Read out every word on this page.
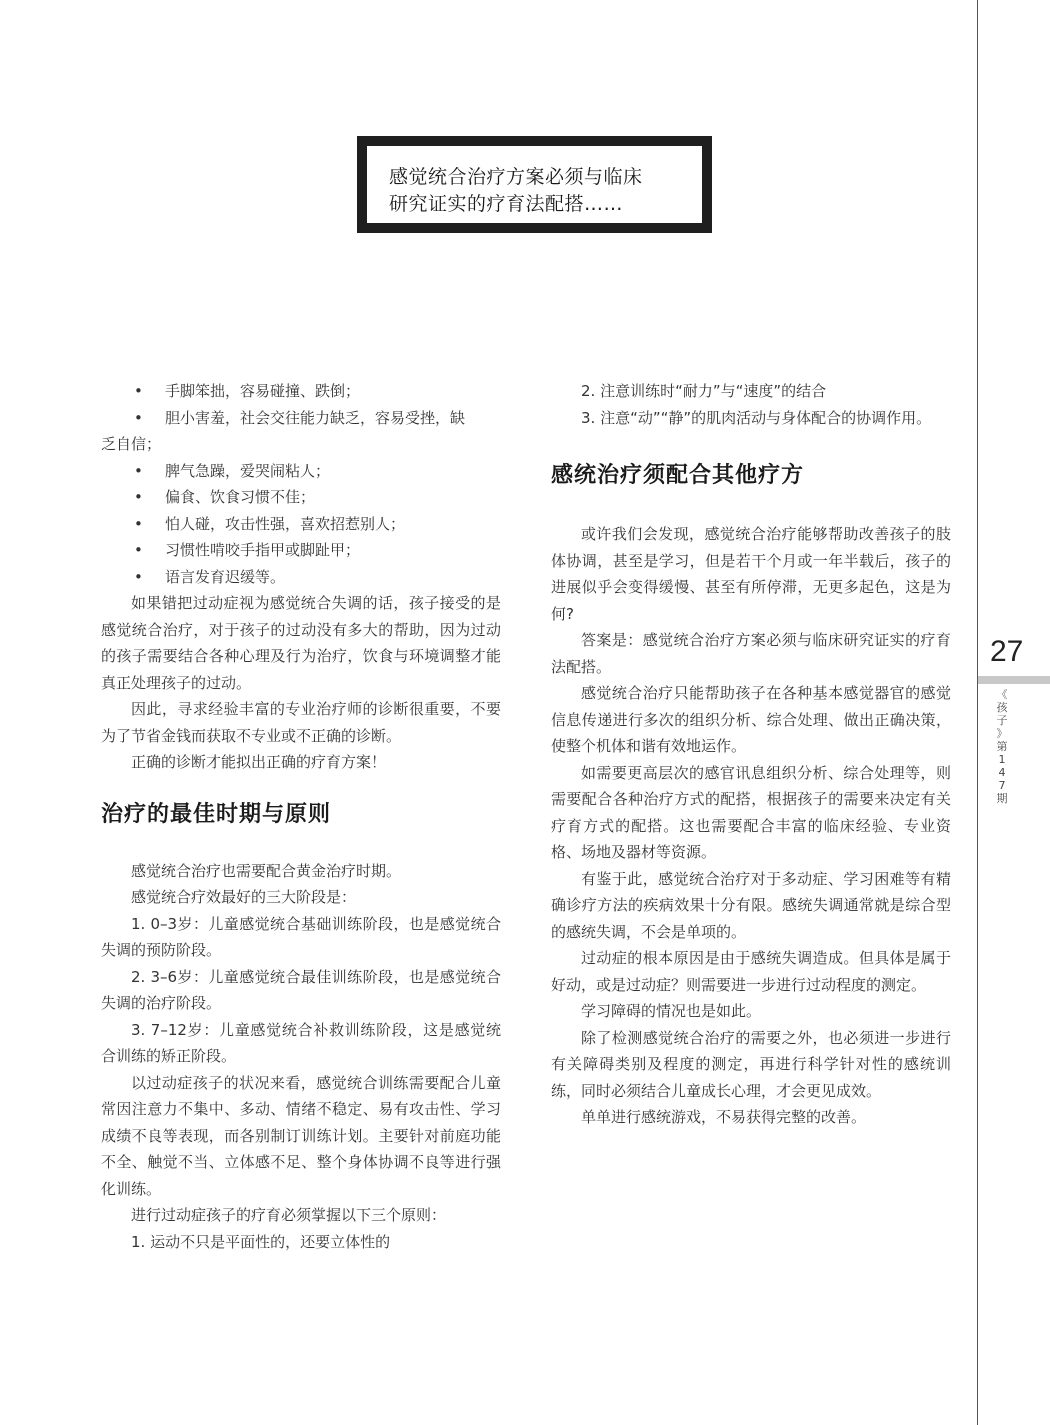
感觉统合治疗方案必须与临床
研究证实的疗育法配搭……

• 手脚笨拙，容易碰撞、跌倒；

• 胆小害羞，社会交往能力缺乏，容易受挫，缺

乏自信；

• 脾气急躁，爱哭闹粘人；

• 偏食、饮食习惯不佳；

• 怕人碰，攻击性强，喜欢招惹别人；

• 习惯性啃咬手指甲或脚趾甲；

• 语言发育迟缓等。

如果错把过动症视为感觉统合失调的话，孩子接受的是感觉统合治疗，对于孩子的过动没有多大的帮助，因为过动的孩子需要结合各种心理及行为治疗，饮食与环境调整才能真正处理孩子的过动。

因此，寻求经验丰富的专业治疗师的诊断很重要，不要为了节省金钱而获取不专业或不正确的诊断。

正确的诊断才能拟出正确的疗育方案！

治疗的最佳时期与原则

感觉统合治疗也需要配合黄金治疗时期。

感觉统合疗效最好的三大阶段是：

1. 0–3岁：儿童感觉统合基础训练阶段，也是感觉统合失调的预防阶段。

2. 3–6岁：儿童感觉统合最佳训练阶段，也是感觉统合失调的治疗阶段。

3. 7–12岁：儿童感觉统合补救训练阶段，这是感觉统合训练的矫正阶段。

以过动症孩子的状况来看，感觉统合训练需要配合儿童常因注意力不集中、多动、情绪不稳定、易有攻击性、学习成绩不良等表现，而各别制订训练计划。主要针对前庭功能不全、触觉不当、立体感不足、整个身体协调不良等进行强化训练。

进行过动症孩子的疗育必须掌握以下三个原则：

1. 运动不只是平面性的，还要立体性的

2. 注意训练时“耐力”与“速度”的结合

3. 注意“动”“静”的肌肉活动与身体配合的协调作用。

感统治疗须配合其他疗方

或许我们会发现，感觉统合治疗能够帮助改善孩子的肢体协调，甚至是学习，但是若干个月或一年半载后，孩子的进展似乎会变得缓慢、甚至有所停滞，无更多起色，这是为何?

答案是：感觉统合治疗方案必须与临床研究证实的疗育法配搭。

感觉统合治疗只能帮助孩子在各种基本感觉器官的感觉信息传递进行多次的组织分析、综合处理、做出正确决策，使整个机体和谐有效地运作。

如需要更高层次的感官讯息组织分析、综合处理等，则需要配合各种治疗方式的配搭，根据孩子的需要来决定有关疗育方式的配搭。这也需要配合丰富的临床经验、专业资格、场地及器材等资源。

有鉴于此，感觉统合治疗对于多动症、学习困难等有精确诊疗方法的疾病效果十分有限。感统失调通常就是综合型的感统失调，不会是单项的。

过动症的根本原因是由于感统失调造成。但具体是属于好动，或是过动症？则需要进一步进行过动程度的测定。

学习障碍的情况也是如此。

除了检测感觉统合治疗的需要之外，也必须进一步进行有关障碍类别及程度的测定，再进行科学针对性的感统训练，同时必须结合儿童成长心理，才会更见成效。

单单进行感统游戏，不易获得完整的改善。

27
《
孩
子
》
第
1
4
7
期
